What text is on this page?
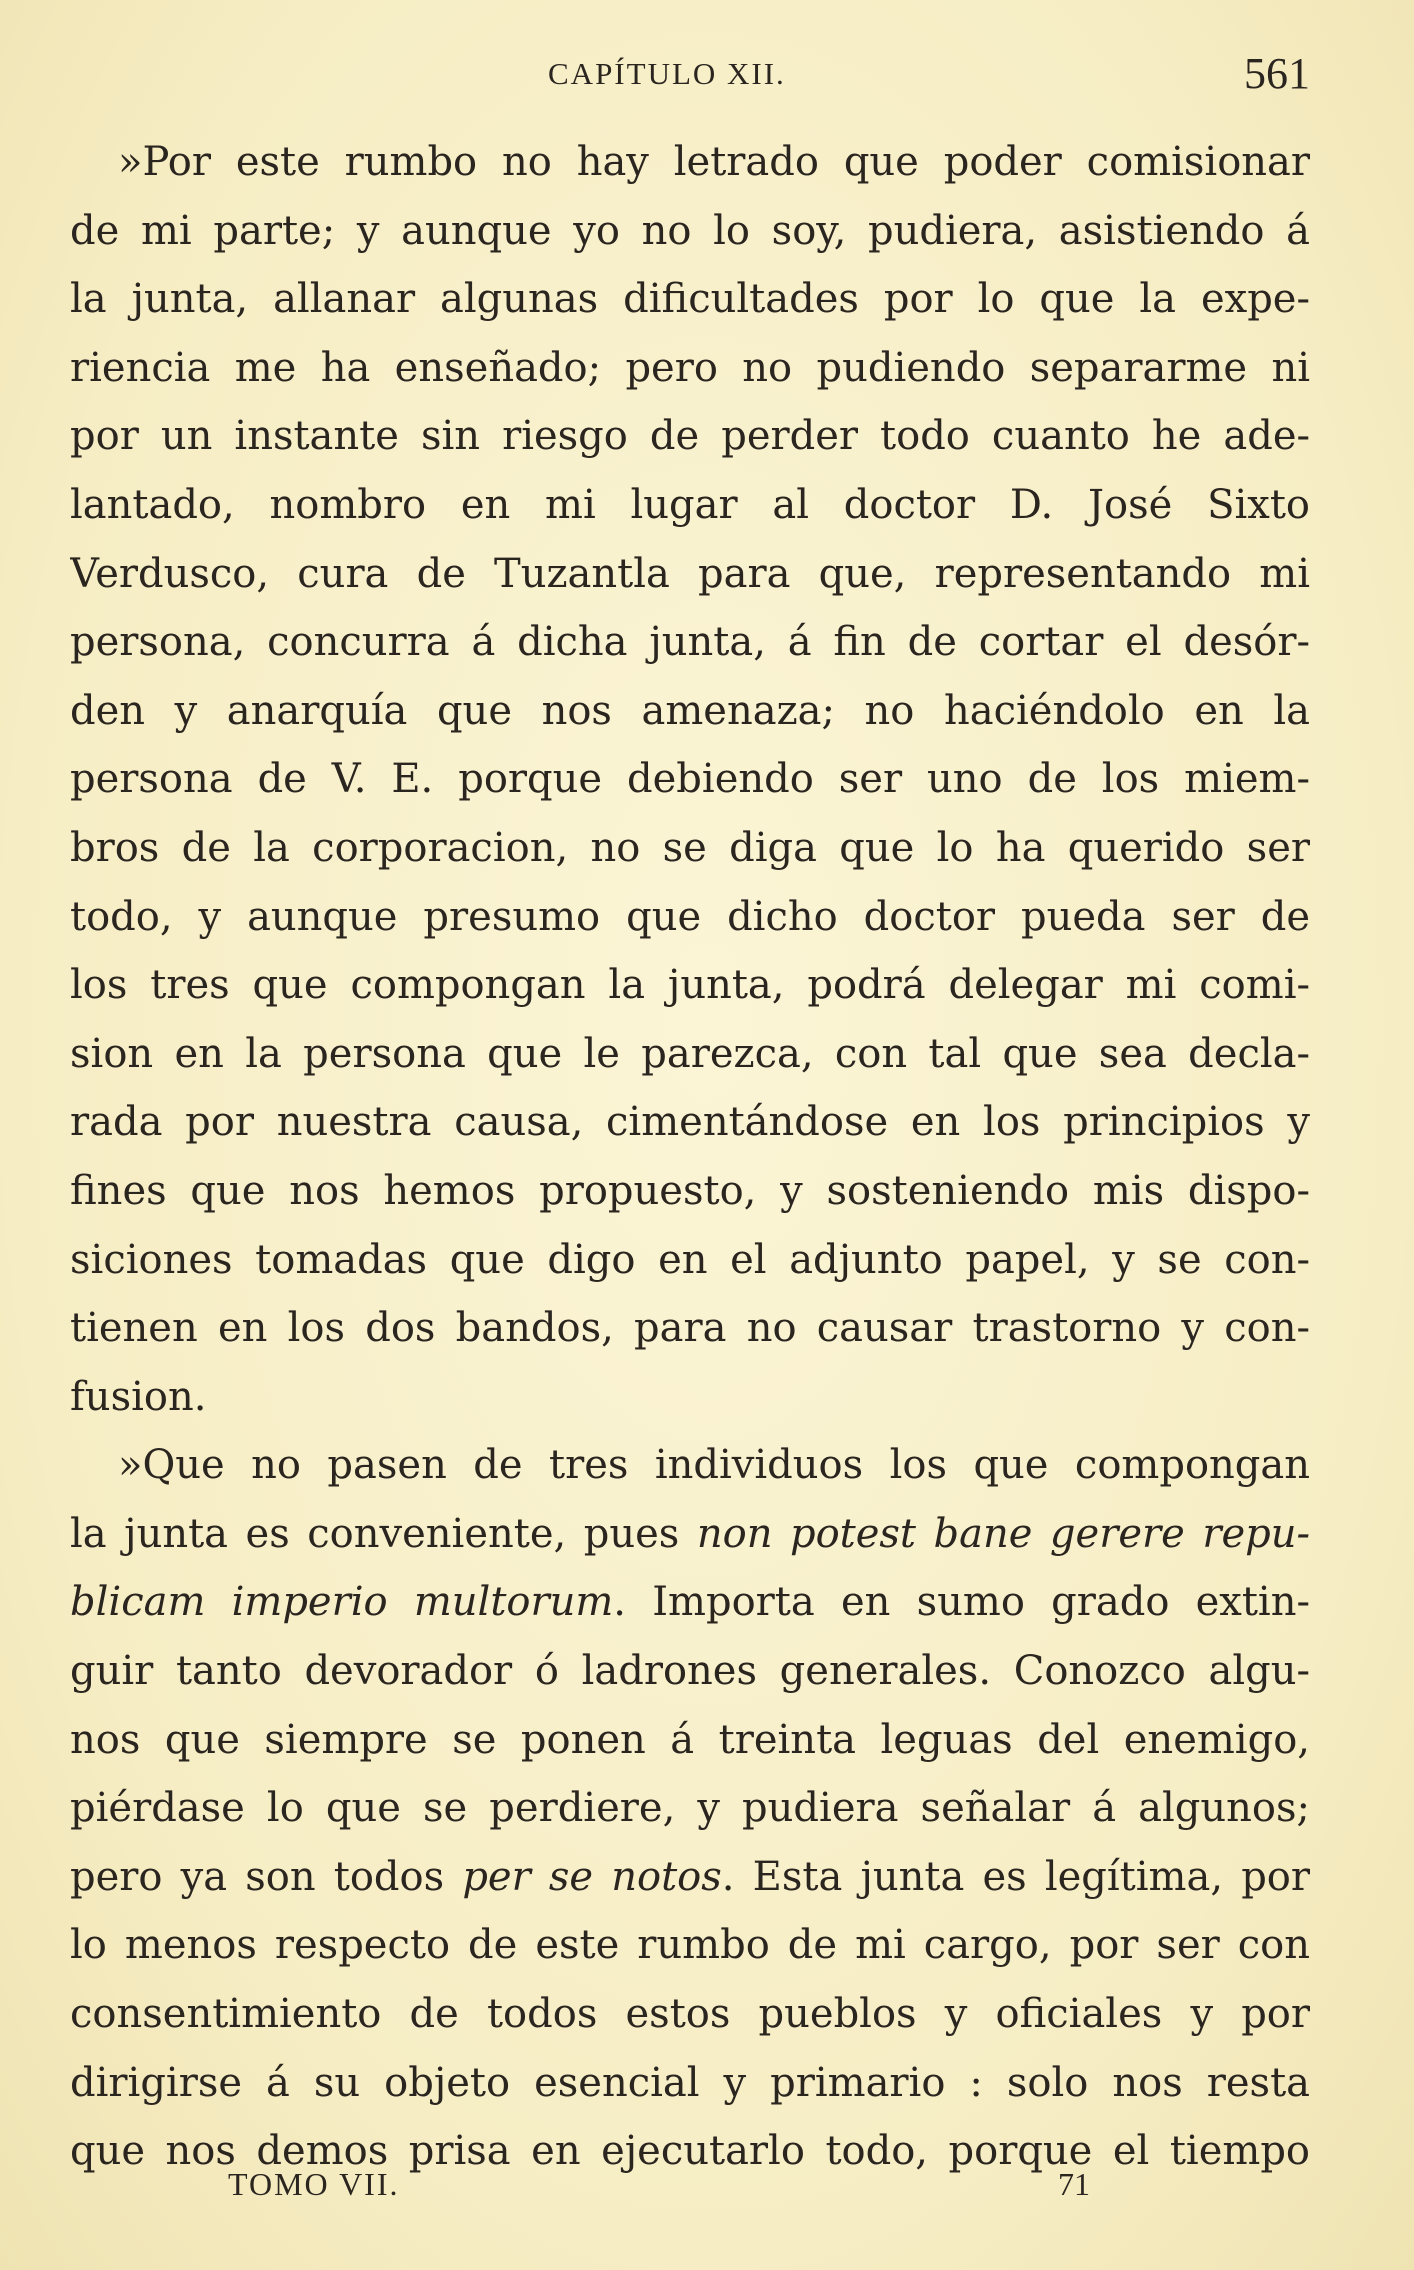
CAPÍTULO XII.	561
»Por este rumbo no hay letrado que poder comisionar
de mi parte; y aunque yo no lo soy, pudiera, asistiendo á
la junta, allanar algunas dificultades por lo que la expe-
riencia me ha enseñado; pero no pudiendo separarme ni
por un instante sin riesgo de perder todo cuanto he ade-
lantado, nombro en mi lugar al doctor D. José Sixto
Verdusco, cura de Tuzantla para que, representando mi
persona, concurra á dicha junta, á fin de cortar el desór-
den y anarquía que nos amenaza; no haciéndolo en la
persona de V. E. porque debiendo ser uno de los miem-
bros de la corporacion, no se diga que lo ha querido ser
todo, y aunque presumo que dicho doctor pueda ser de
los tres que compongan la junta, podrá delegar mi comi-
sion en la persona que le parezca, con tal que sea decla-
rada por nuestra causa, cimentándose en los principios y
fines que nos hemos propuesto, y sosteniendo mis dispo-
siciones tomadas que digo en el adjunto papel, y se con-
tienen en los dos bandos, para no causar trastorno y con-
fusion.
»Que no pasen de tres individuos los que compongan
la junta es conveniente, pues non potest bane gerere repu-
blicam imperio multorum. Importa en sumo grado extin-
guir tanto devorador ó ladrones generales. Conozco algu-
nos que siempre se ponen á treinta leguas del enemigo,
piérdase lo que se perdiere, y pudiera señalar á algunos;
pero ya son todos per se notos. Esta junta es legítima, por
lo menos respecto de este rumbo de mi cargo, por ser con
consentimiento de todos estos pueblos y oficiales y por
dirigirse á su objeto esencial y primario : solo nos resta
que nos demos prisa en ejecutarlo todo, porque el tiempo
TOMO VII.	71
